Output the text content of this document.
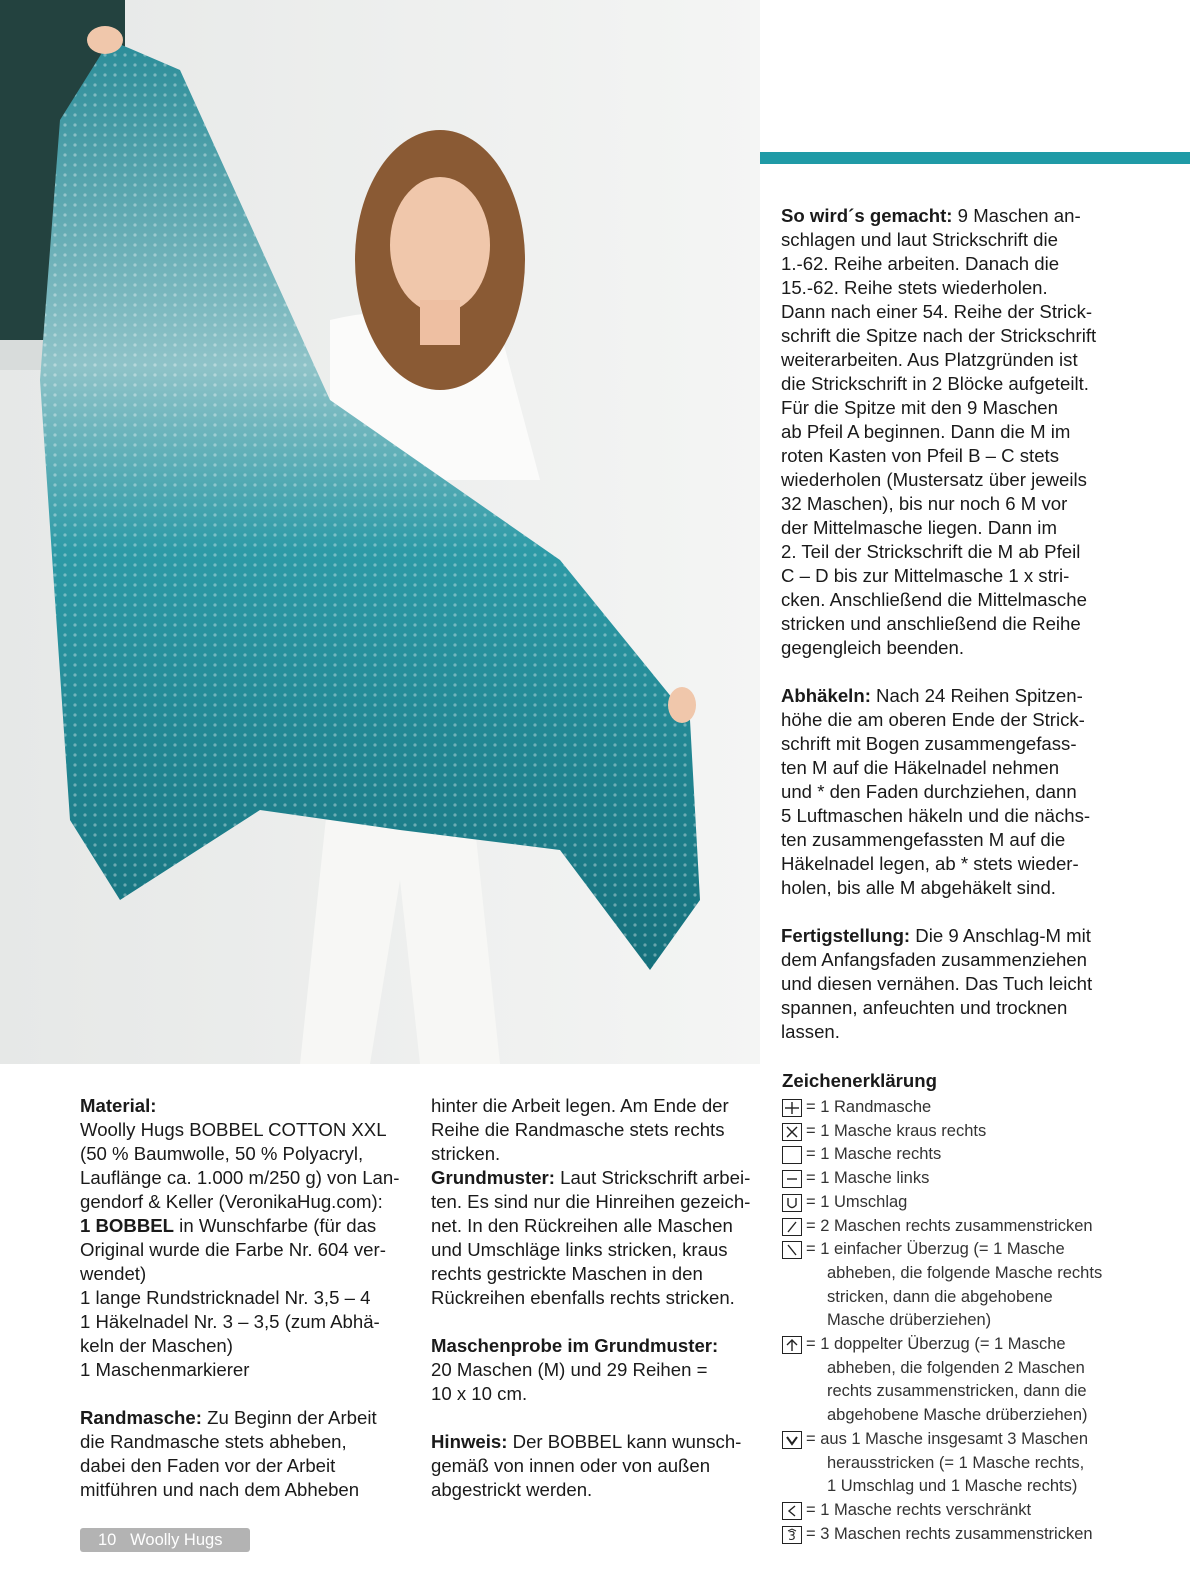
So wird´s gemacht: 9 Maschen an-
schlagen und laut Strickschrift die
1.-62. Reihe arbeiten. Danach die
15.-62. Reihe stets wiederholen.
Dann nach einer 54. Reihe der Strick-
schrift die Spitze nach der Strickschrift
weiterarbeiten. Aus Platzgründen ist
die Strickschrift in 2 Blöcke aufgeteilt.
Für die Spitze mit den 9 Maschen
ab Pfeil A beginnen. Dann die M im
roten Kasten von Pfeil B – C stets
wiederholen (Mustersatz über jeweils
32 Maschen), bis nur noch 6 M vor
der Mittelmasche liegen. Dann im
2. Teil der Strickschrift die M ab Pfeil
C – D bis zur Mittelmasche 1 x stri-
cken. Anschließend die Mittelmasche
stricken und anschließend die Reihe
gegengleich beenden.

Abhäkeln: Nach 24 Reihen Spitzen-
höhe die am oberen Ende der Strick-
schrift mit Bogen zusammengefass-
ten M auf die Häkelnadel nehmen
und * den Faden durchziehen, dann
5 Luftmaschen häkeln und die nächs-
ten zusammengefassten M auf die
Häkelnadel legen, ab * stets wieder-
holen, bis alle M abgehäkelt sind.

Fertigstellung: Die 9 Anschlag-M mit
dem Anfangsfaden zusammenziehen
und diesen vernähen. Das Tuch leicht
spannen, anfeuchten und trocknen
lassen.

Zeichenerklärung
= 1 Randmasche
= 1 Masche kraus rechts
= 1 Masche rechts
= 1 Masche links
= 1 Umschlag
= 2 Maschen rechts zusammenstricken
= 1 einfacher Überzug (= 1 Masche
abheben, die folgende Masche rechts
stricken, dann die abgehobene
Masche drüberziehen)
= 1 doppelter Überzug (= 1 Masche
abheben, die folgenden 2 Maschen
rechts zusammenstricken, dann die
abgehobene Masche drüberziehen)
= aus 1 Masche insgesamt 3 Maschen
herausstricken (= 1 Masche rechts,
1 Umschlag und 1 Masche rechts)
= 1 Masche rechts verschränkt
3 = 3 Maschen rechts zusammenstricken

Material:
Woolly Hugs BOBBEL COTTON XXL
(50 % Baumwolle, 50 % Polyacryl,
Lauflänge ca. 1.000 m/250 g) von Lan-
gendorf & Keller (VeronikaHug.com):
1 BOBBEL in Wunschfarbe (für das
Original wurde die Farbe Nr. 604 ver-
wendet)
1 lange Rundstricknadel Nr. 3,5 – 4
1 Häkelnadel Nr. 3 – 3,5 (zum Abhä-
keln der Maschen)
1 Maschenmarkierer

Randmasche: Zu Beginn der Arbeit
die Randmasche stets abheben,
dabei den Faden vor der Arbeit
mitführen und nach dem Abheben

hinter die Arbeit legen. Am Ende der
Reihe die Randmasche stets rechts
stricken.

Grundmuster: Laut Strickschrift arbei-
ten. Es sind nur die Hinreihen gezeich-
net. In den Rückreihen alle Maschen
und Umschläge links stricken, kraus
rechts gestrickte Maschen in den
Rückreihen ebenfalls rechts stricken.

Maschenprobe im Grundmuster:
20 Maschen (M) und 29 Reihen =
10 x 10 cm.

Hinweis: Der BOBBEL kann wunsch-
gemäß von innen oder von außen
abgestrickt werden.

10 Woolly Hugs
